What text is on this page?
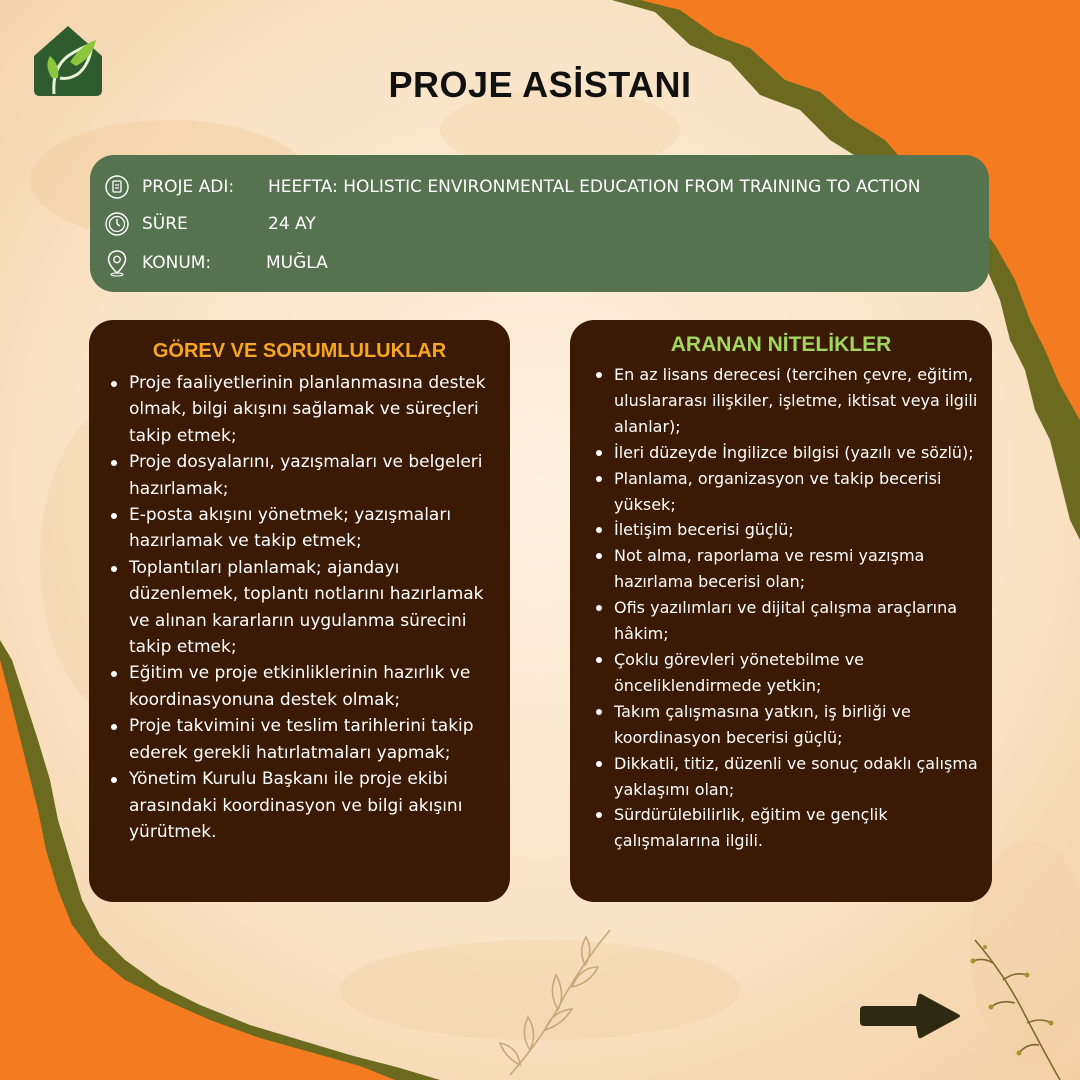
PROJE ASİSTANI
PROJE ADI: HEEFTA: HOLISTIC ENVIRONMENTAL EDUCATION FROM TRAINING TO ACTION
SÜRE	24 AY
KONUM:	MUĞLA
GÖREV VE SORUMLULUKLAR
Proje faaliyetlerinin planlanmasına destek olmak, bilgi akışını sağlamak ve süreçleri takip etmek;
Proje dosyalarını, yazışmaları ve belgeleri hazırlamak;
E-posta akışını yönetmek; yazışmaları hazırlamak ve takip etmek;
Toplantıları planlamak; ajandayı düzenlemek, toplantı notlarını hazırlamak ve alınan kararların uygulanma sürecini takip etmek;
Eğitim ve proje etkinliklerinin hazırlık ve koordinasyonuna destek olmak;
Proje takvimini ve teslim tarihlerini takip ederek gerekli hatırlatmaları yapmak;
Yönetim Kurulu Başkanı ile proje ekibi arasındaki koordinasyon ve bilgi akışını yürütmek.
ARANAN NİTELİKLER
En az lisans derecesi (tercihen çevre, eğitim, uluslararası ilişkiler, işletme, iktisat veya ilgili alanlar);
İleri düzeyde İngilizce bilgisi (yazılı ve sözlü);
Planlama, organizasyon ve takip becerisi yüksek;
İletişim becerisi güçlü;
Not alma, raporlama ve resmi yazışma hazırlama becerisi olan;
Ofis yazılımları ve dijital çalışma araçlarına hâkim;
Çoklu görevleri yönetebilme ve önceliklendirmede yetkin;
Takım çalışmasına yatkın, iş birliği ve koordinasyon becerisi güçlü;
Dikkatli, titiz, düzenli ve sonuç odaklı çalışma yaklaşımı olan;
Sürdürülebilirlik, eğitim ve gençlik çalışmalarına ilgili.
